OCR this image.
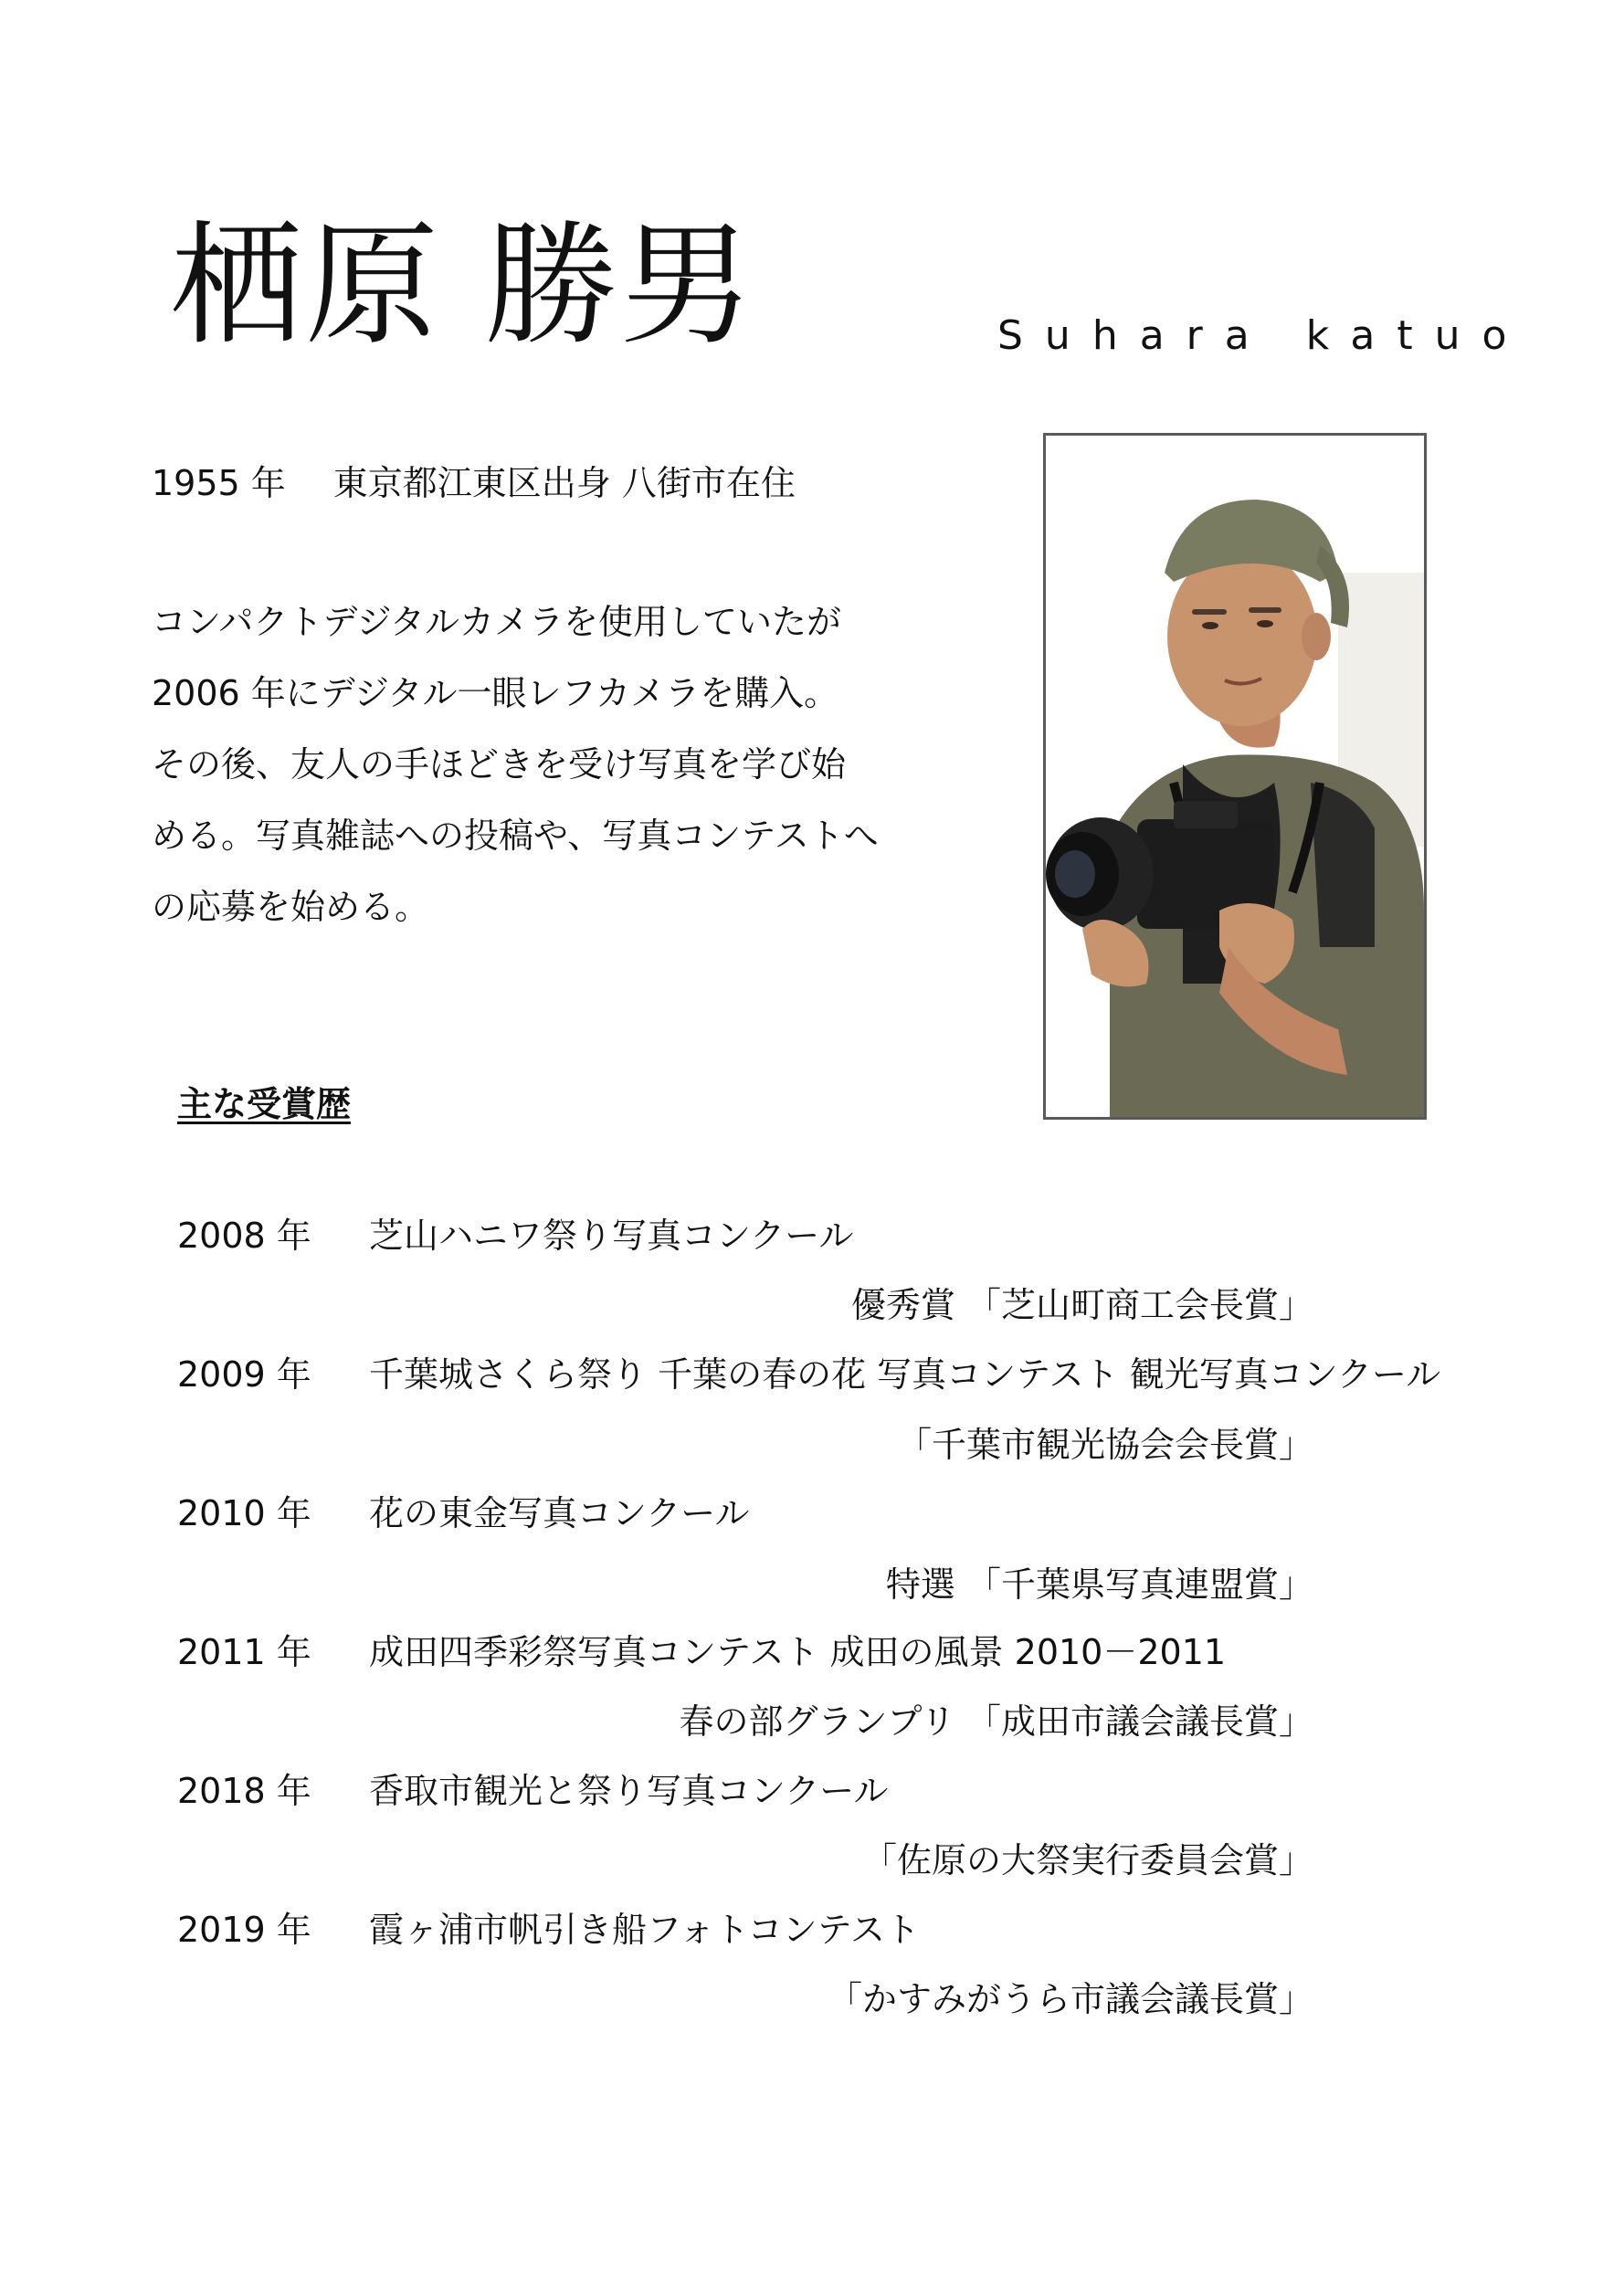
栖原 勝男	Suhara katuo
1955 年 東京都江東区出身 八街市在住

コンパクトデジタルカメラを使用していたが

2006 年にデジタル一眼レフカメラを購入。

その後、友人の手ほどきを受け写真を学び始

める。写真雑誌への投稿や、写真コンテストへ

の応募を始める。

主な受賞歴
2008 年 芝山ハニワ祭り写真コンクール
優秀賞 「芝山町商工会長賞」
2009 年 千葉城さくら祭り 千葉の春の花 写真コンテスト 観光写真コンクール
「千葉市観光協会会長賞」
2010 年 花の東金写真コンクール
特選 「千葉県写真連盟賞」
2011 年 成田四季彩祭写真コンテスト 成田の風景 2010－2011
春の部グランプリ 「成田市議会議長賞」
2018 年 香取市観光と祭り写真コンクール
「佐原の大祭実行委員会賞」
2019 年 霞ヶ浦市帆引き船フォトコンテスト
「かすみがうら市議会議長賞」
